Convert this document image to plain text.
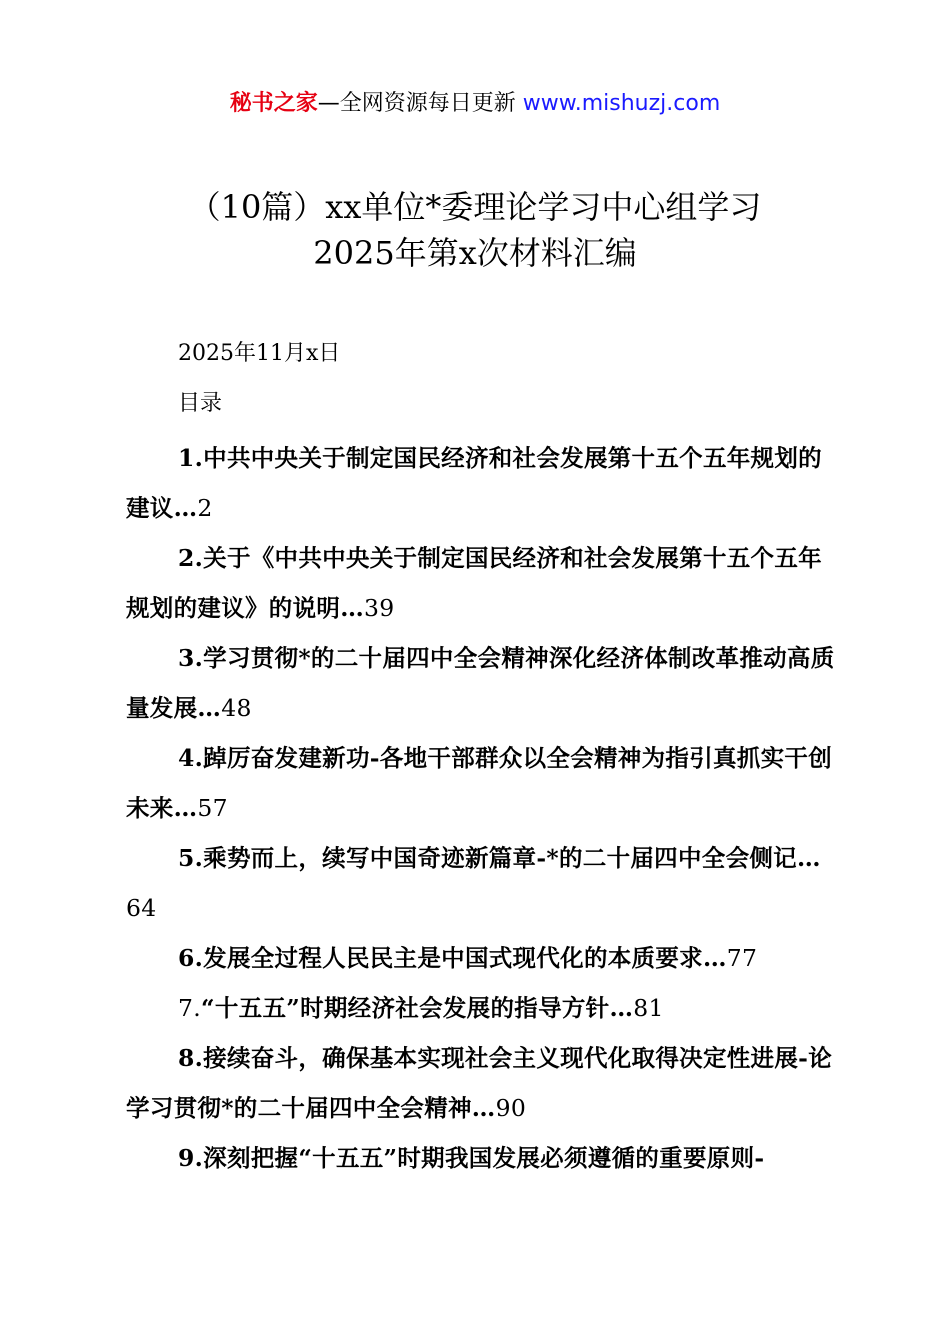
秘书之家—全网资源每日更新 www.mishuzj.com
（10篇）xx单位*委理论学习中心组学习
2025年第x次材料汇编
2025年11月x日
目录
1.中共中央关于制定国民经济和社会发展第十五个五年规划的建议…2
2.关于《中共中央关于制定国民经济和社会发展第十五个五年规划的建议》的说明…39
3.学习贯彻*的二十届四中全会精神深化经济体制改革推动高质量发展…48
4.踔厉奋发建新功-各地干部群众以全会精神为指引真抓实干创未来…57
5.乘势而上，续写中国奇迹新篇章-*的二十届四中全会侧记…64
6.发展全过程人民民主是中国式现代化的本质要求…77
7.“十五五”时期经济社会发展的指导方针…81
8.接续奋斗，确保基本实现社会主义现代化取得决定性进展-论学习贯彻*的二十届四中全会精神…90
9.深刻把握“十五五”时期我国发展必须遵循的重要原则-
